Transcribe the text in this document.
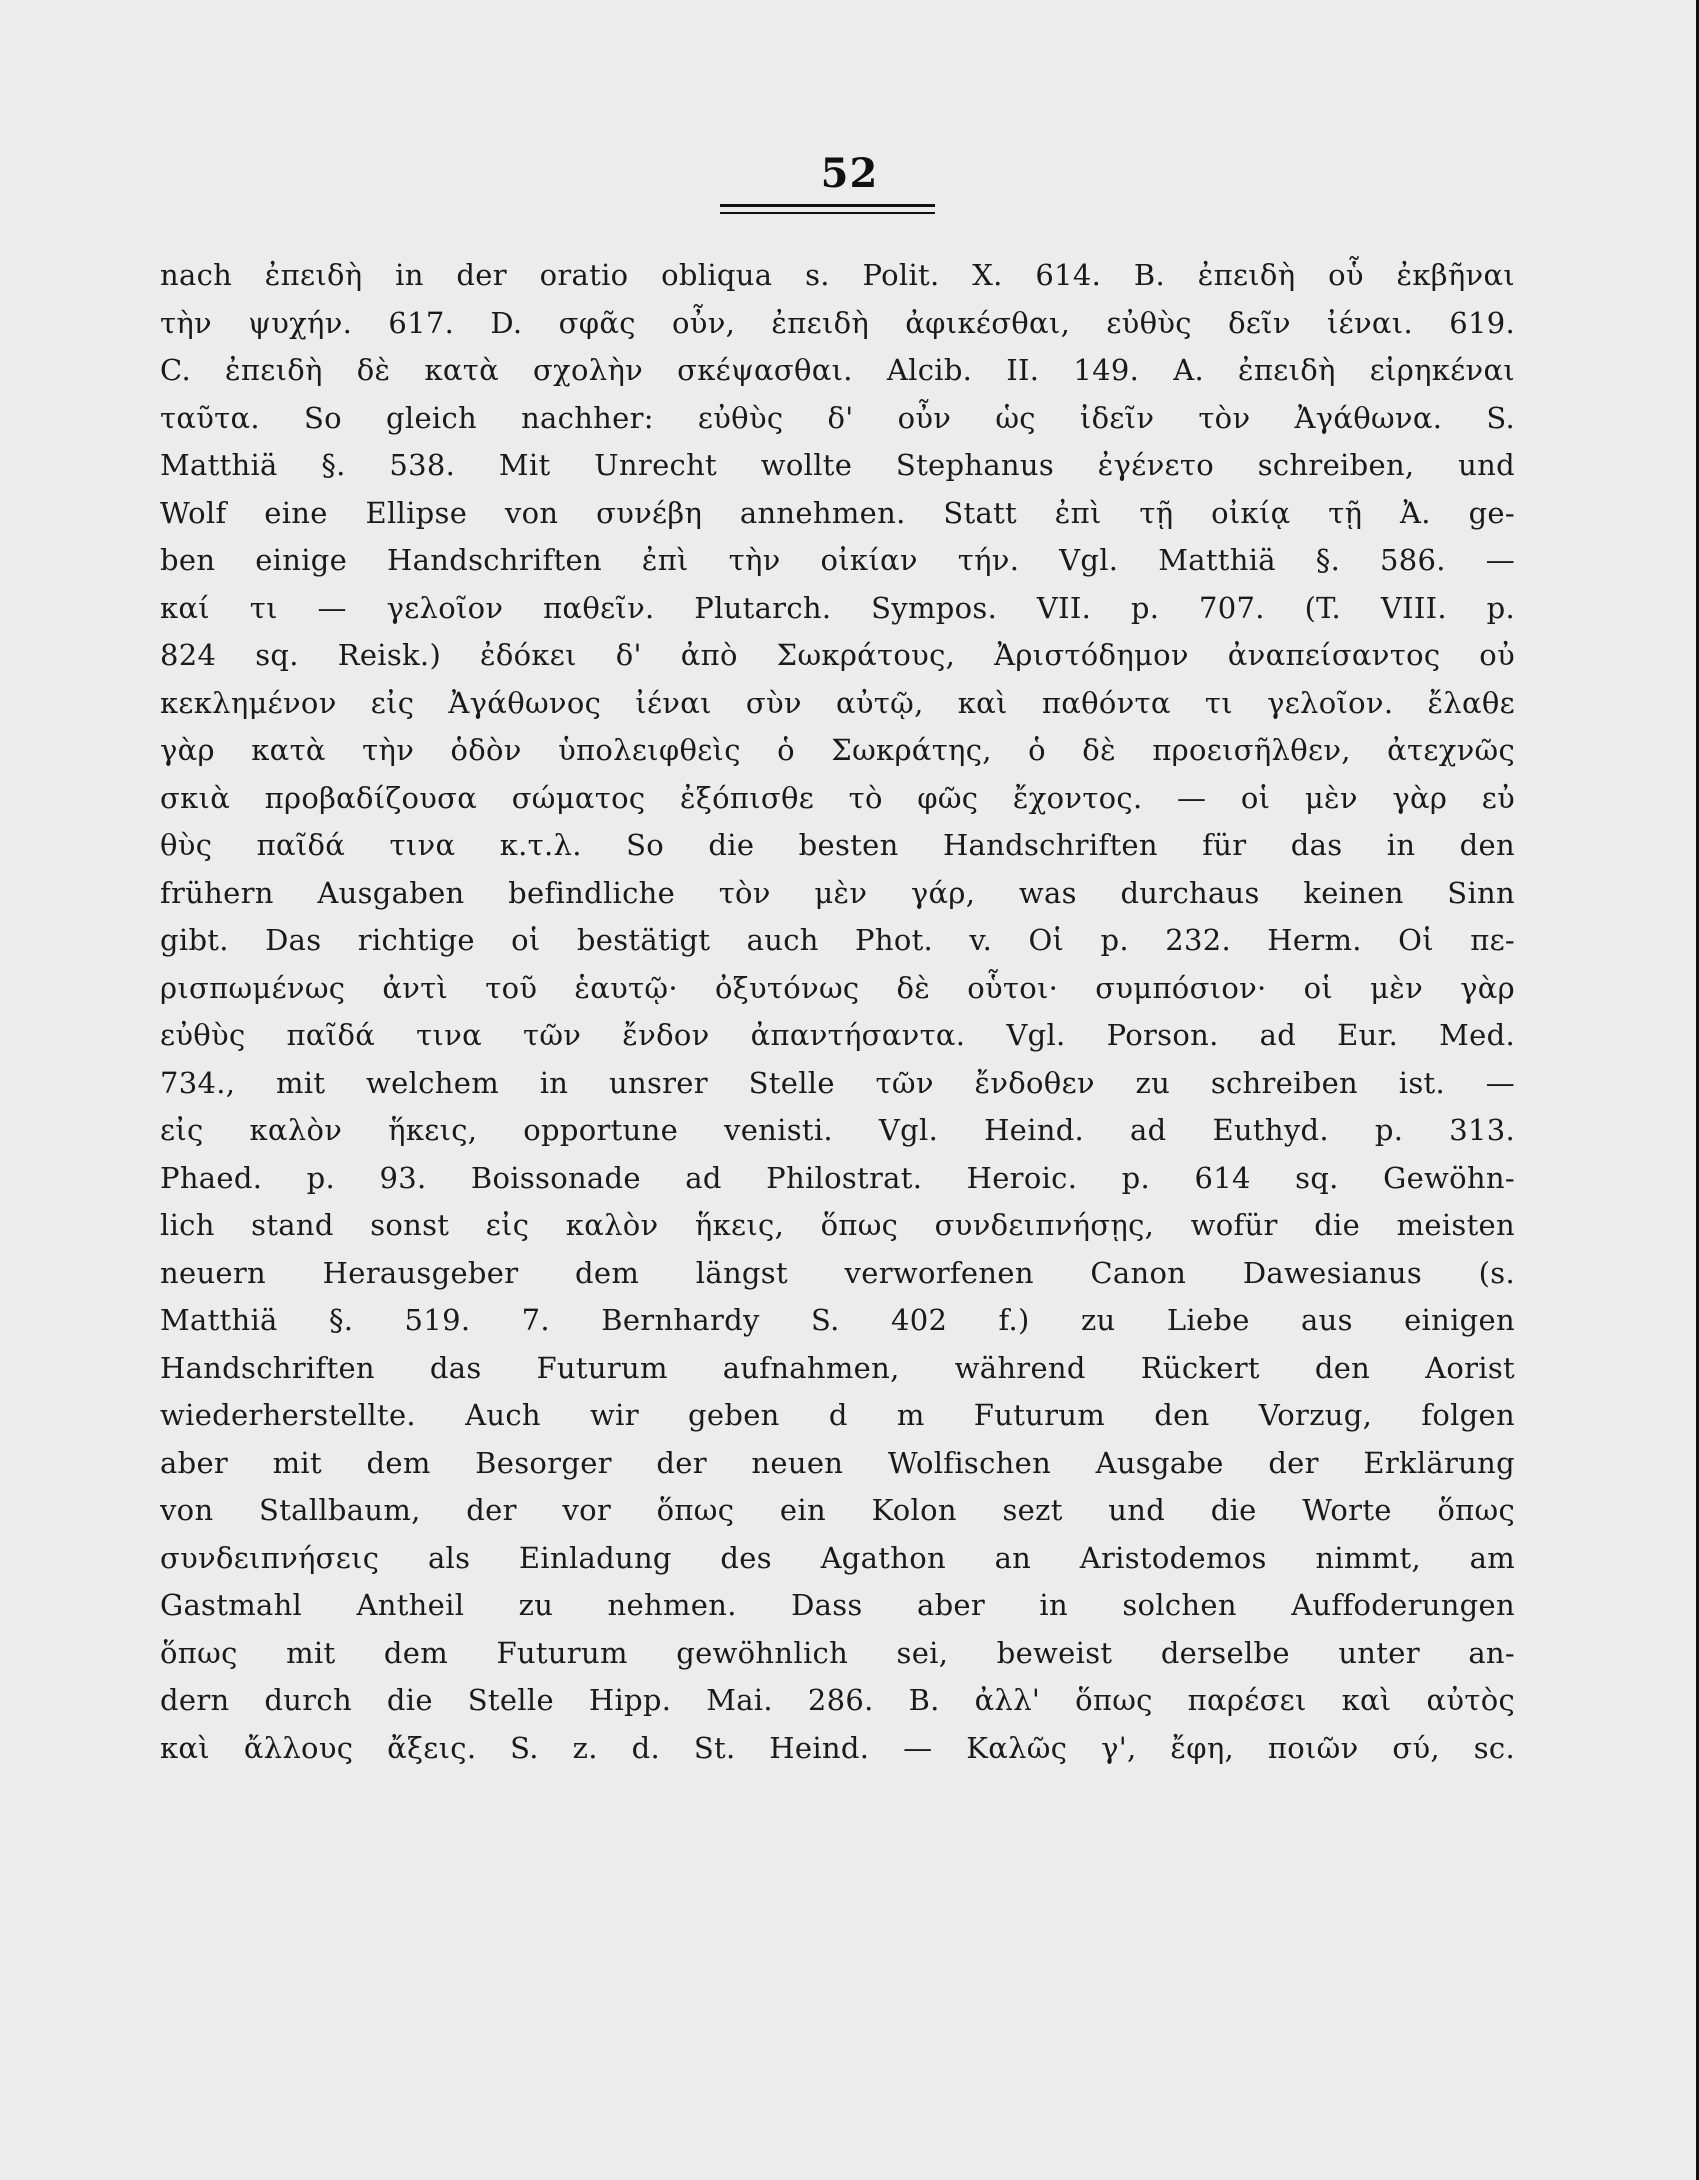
52
nach ἐπειδὴ in der oratio obliqua s. Polit. X. 614. B. ἐπειδὴ οὗ ἐκβῆναι
τὴν ψυχήν. 617. D. σφᾶς οὖν, ἐπειδὴ ἀφικέσθαι, εὐθὺς δεῖν ἰέναι. 619.
C. ἐπειδὴ δὲ κατὰ σχολὴν σκέψασθαι. Alcib. II. 149. A. ἐπειδὴ εἰρηκέναι
ταῦτα. So gleich nachher: εὐθὺς δ' οὖν ὡς ἰδεῖν τὸν Ἀγάθωνα. S.
Matthiä §. 538. Mit Unrecht wollte Stephanus ἐγένετο schreiben, und
Wolf eine Ellipse von συνέβη annehmen. Statt ἐπὶ τῇ οἰκίᾳ τῇ Ἀ. ge-
ben einige Handschriften ἐπὶ τὴν οἰκίαν τήν. Vgl. Matthiä §. 586. —
καί τι — γελοῖον παθεῖν. Plutarch. Sympos. VII. p. 707. (T. VIII. p.
824 sq. Reisk.) ἐδόκει δ' ἀπὸ Σωκράτους, Ἀριστόδημον ἀναπείσαντος οὐ
κεκλημένον εἰς Ἀγάθωνος ἰέναι σὺν αὐτῷ, καὶ παθόντα τι γελοῖον. ἔλαθε
γὰρ κατὰ τὴν ὁδὸν ὑπολειφθεὶς ὁ Σωκράτης, ὁ δὲ προεισῆλθεν, ἀτεχνῶς
σκιὰ προβαδίζουσα σώματος ἐξόπισθε τὸ φῶς ἔχοντος. — οἱ μὲν γὰρ εὐ
θὺς παῖδά τινα κ.τ.λ. So die besten Handschriften für das in den
frühern Ausgaben befindliche τὸν μὲν γάρ, was durchaus keinen Sinn
gibt. Das richtige οἱ bestätigt auch Phot. v. Οἱ p. 232. Herm. Οἱ πε-
ρισπωμένως ἀντὶ τοῦ ἑαυτῷ· ὀξυτόνως δὲ οὗτοι· συμπόσιον· οἱ μὲν γὰρ
εὐθὺς παῖδά τινα τῶν ἔνδον ἀπαντήσαντα. Vgl. Porson. ad Eur. Med.
734., mit welchem in unsrer Stelle τῶν ἔνδοθεν zu schreiben ist. —
εἰς καλὸν ἥκεις, opportune venisti. Vgl. Heind. ad Euthyd. p. 313.
Phaed. p. 93. Boissonade ad Philostrat. Heroic. p. 614 sq. Gewöhn-
lich stand sonst εἰς καλὸν ἥκεις, ὅπως συνδειπνήσῃς, wofür die meisten
neuern Herausgeber dem längst verworfenen Canon Dawesianus (s.
Matthiä §. 519. 7. Bernhardy S. 402 f.) zu Liebe aus einigen
Handschriften das Futurum aufnahmen, während Rückert den Aorist
wiederherstellte. Auch wir geben d m Futurum den Vorzug, folgen
aber mit dem Besorger der neuen Wolfischen Ausgabe der Erklärung
von Stallbaum, der vor ὅπως ein Kolon sezt und die Worte ὅπως
συνδειπνήσεις als Einladung des Agathon an Aristodemos nimmt, am
Gastmahl Antheil zu nehmen. Dass aber in solchen Auffoderungen
ὅπως mit dem Futurum gewöhnlich sei, beweist derselbe unter an-
dern durch die Stelle Hipp. Mai. 286. B. ἀλλ' ὅπως παρέσει καὶ αὐτὸς
καὶ ἄλλους ἄξεις. S. z. d. St. Heind. — Καλῶς γ', ἔφη, ποιῶν σύ, sc.
